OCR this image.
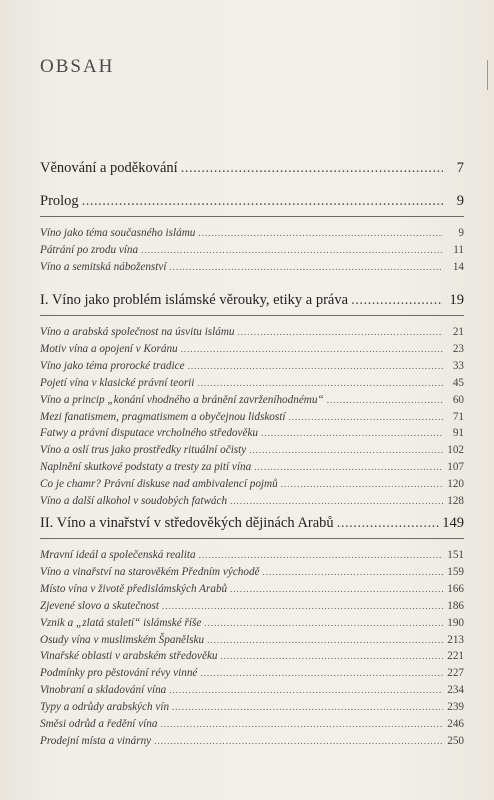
OBSAH
Věnování a poděkování .....	7
Prolog .....	9
Víno jako téma současného islámu .....	9
Pátrání po zrodu vína .....	11
Víno a semitská náboženství .....	14
I. Víno jako problém islámské věrouky, etiky a práva .....	19
Víno a arabská společnost na úsvitu islámu .....	21
Motiv vína a opojení v Koránu .....	23
Víno jako téma prorocké tradice .....	33
Pojetí vína v klasické právní teorii .....	45
Víno a princip „konání vhodného a bránění zavrženíhodnému“ .....	60
Mezi fanatismem, pragmatismem a obyčejnou lidskostí .....	71
Fatwy a právní disputace vrcholného středověku .....	91
Víno a oslí trus jako prostředky rituální očisty .....	102
Naplnění skutkové podstaty a tresty za pití vína .....	107
Co je chamr? Právní diskuse nad ambivalencí pojmů .....	120
Víno a další alkohol v soudobých fatwách .....	128
II. Víno a vinařství v středověkých dějinách Arabů .....	149
Mravní ideál a společenská realita .....	151
Víno a vinařství na starověkém Předním východě .....	159
Místo vína v životě předislámských Arabů .....	166
Zjevené slovo a skutečnost .....	186
Vznik a „zlatá staletí“ islámské říše .....	190
Osudy vína v muslimském Španělsku .....	213
Vinařské oblasti v arabském středověku .....	221
Podmínky pro pěstování révy vinné .....	227
Vinobraní a skladování vína .....	234
Typy a odrůdy arabských vín .....	239
Směsi odrůd a ředění vína .....	246
Prodejní místa a vinárny .....	250
